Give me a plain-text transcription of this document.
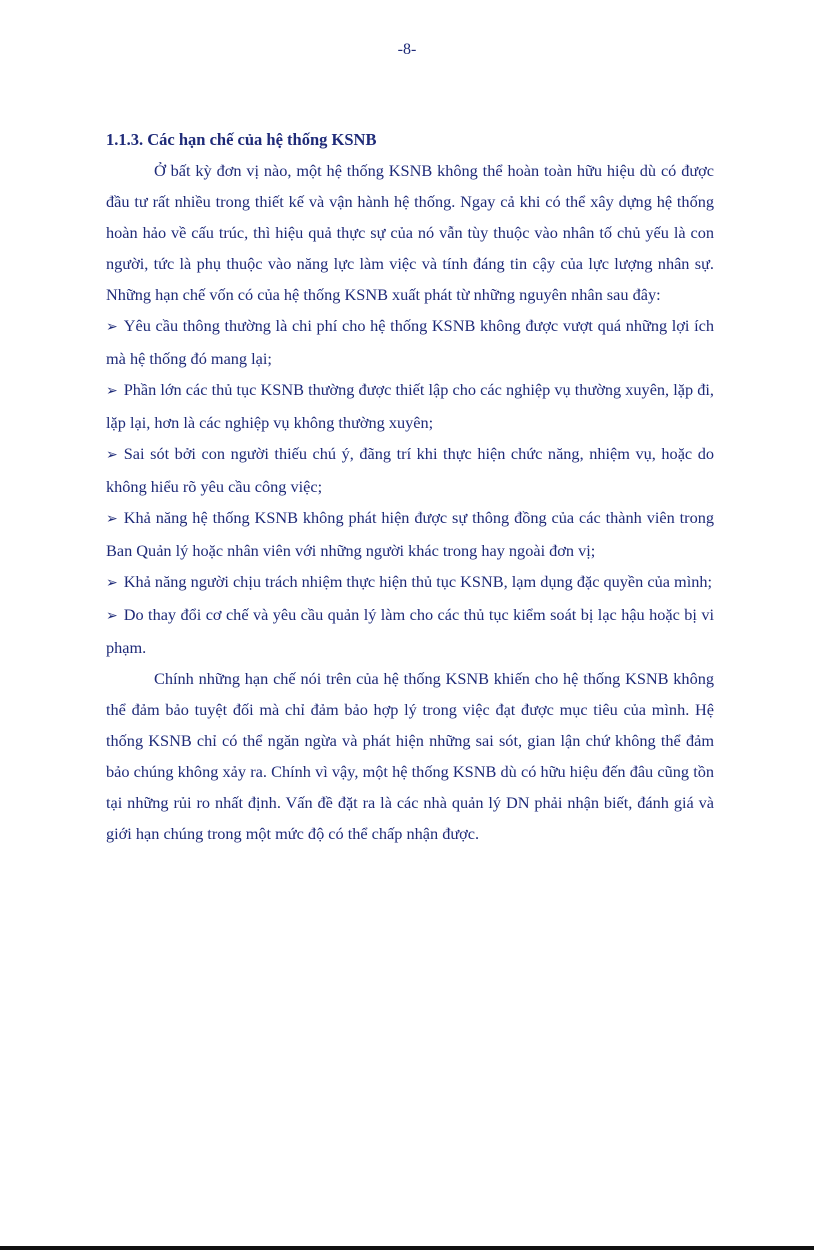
-8-

1.1.3. Các hạn chế của hệ thống KSNB

Ở bất kỳ đơn vị nào, một hệ thống KSNB không thể hoàn toàn hữu hiệu dù có được đầu tư rất nhiều trong thiết kế và vận hành hệ thống. Ngay cả khi có thể xây dựng hệ thống hoàn hảo về cấu trúc, thì hiệu quả thực sự của nó vẫn tùy thuộc vào nhân tố chủ yếu là con người, tức là phụ thuộc vào năng lực làm việc và tính đáng tin cậy của lực lượng nhân sự. Những hạn chế vốn có của hệ thống KSNB xuất phát từ những nguyên nhân sau đây:

➢ Yêu cầu thông thường là chi phí cho hệ thống KSNB không được vượt quá những lợi ích mà hệ thống đó mang lại;

➢ Phần lớn các thủ tục KSNB thường được thiết lập cho các nghiệp vụ thường xuyên, lặp đi, lặp lại, hơn là các nghiệp vụ không thường xuyên;

➢ Sai sót bởi con người thiếu chú ý, đãng trí khi thực hiện chức năng, nhiệm vụ, hoặc do không hiểu rõ yêu cầu công việc;

➢ Khả năng hệ thống KSNB không phát hiện được sự thông đồng của các thành viên trong Ban Quản lý hoặc nhân viên với những người khác trong hay ngoài đơn vị;

➢ Khả năng người chịu trách nhiệm thực hiện thủ tục KSNB, lạm dụng đặc quyền của mình;

➢ Do thay đổi cơ chế và yêu cầu quản lý làm cho các thủ tục kiểm soát bị lạc hậu hoặc bị vi phạm.

Chính những hạn chế nói trên của hệ thống KSNB khiến cho hệ thống KSNB không thể đảm bảo tuyệt đối mà chỉ đảm bảo hợp lý trong việc đạt được mục tiêu của mình. Hệ thống KSNB chỉ có thể ngăn ngừa và phát hiện những sai sót, gian lận chứ không thể đảm bảo chúng không xảy ra. Chính vì vậy, một hệ thống KSNB dù có hữu hiệu đến đâu cũng tồn tại những rủi ro nhất định. Vấn đề đặt ra là các nhà quản lý DN phải nhận biết, đánh giá và giới hạn chúng trong một mức độ có thể chấp nhận được.
